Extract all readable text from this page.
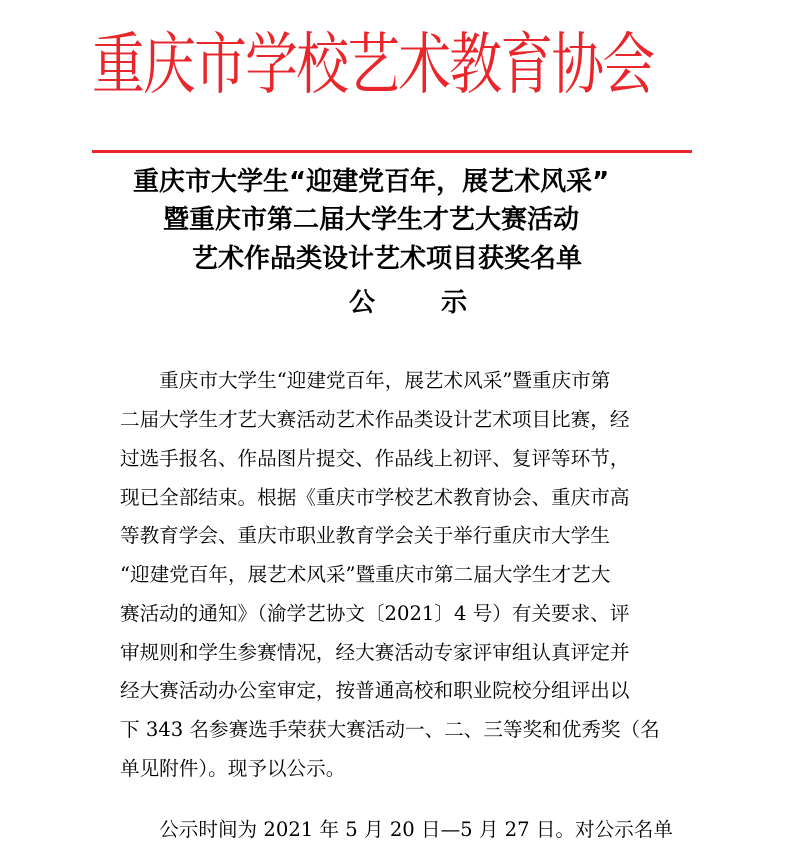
重庆市学校艺术教育协会
重庆市大学生“迎建党百年，展艺术风采”
暨重庆市第二届大学生才艺大赛活动
艺术作品类设计艺术项目获奖名单
公示
　　重庆市大学生“迎建党百年，展艺术风采”暨重庆市第
二届大学生才艺大赛活动艺术作品类设计艺术项目比赛，经
过选手报名、作品图片提交、作品线上初评、复评等环节，
现已全部结束。根据《重庆市学校艺术教育协会、重庆市高
等教育学会、重庆市职业教育学会关于举行重庆市大学生
“迎建党百年，展艺术风采”暨重庆市第二届大学生才艺大
赛活动的通知》（渝学艺协文〔2021〕4 号）有关要求、评
审规则和学生参赛情况，经大赛活动专家评审组认真评定并
经大赛活动办公室审定，按普通高校和职业院校分组评出以
下 343 名参赛选手荣获大赛活动一、二、三等奖和优秀奖（名
单见附件）。现予以公示。
　　公示时间为 2021 年 5 月 20 日—5 月 27 日。对公示名单
